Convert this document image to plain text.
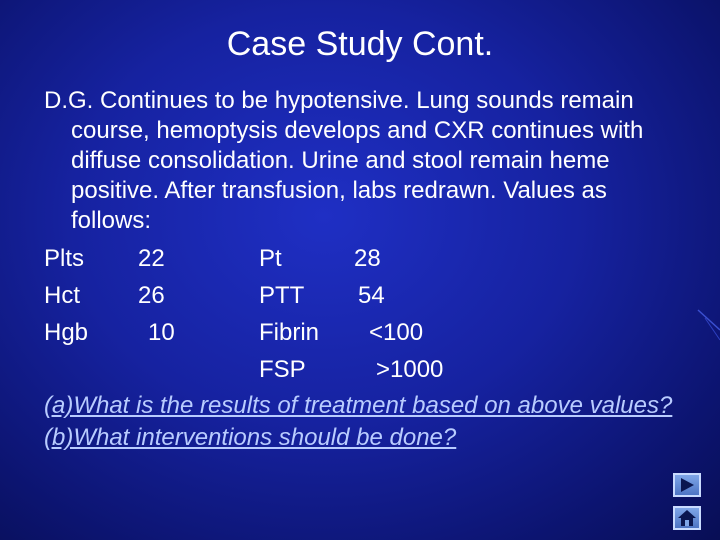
Case Study Cont.

D.G. Continues to be hypotensive. Lung sounds remain course, hemoptysis develops and CXR continues with diffuse consolidation. Urine and stool remain heme positive. After transfusion, labs redrawn. Values as follows:

Plts 22	Pt	28
Hct 26	PTT 54
Hgb 10	Fibrin <100
FSP	>1000

(a)What is the results of treatment based on above values?

(b)What interventions should be done?
